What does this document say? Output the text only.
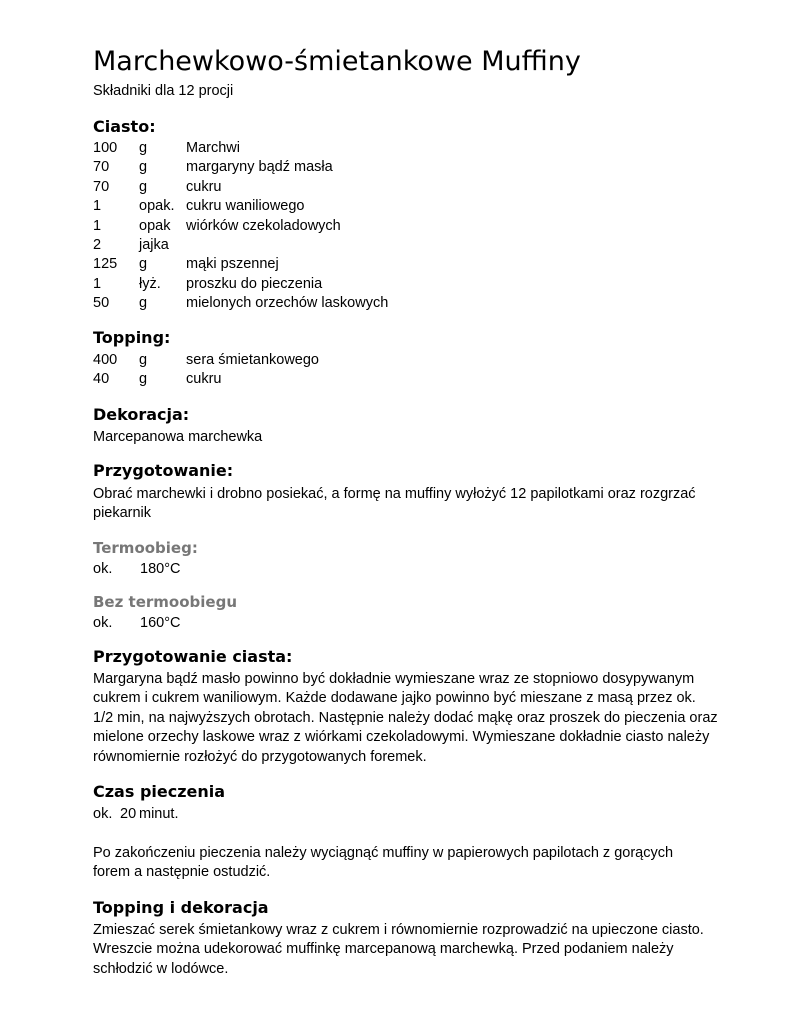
Marchewkowo-śmietankowe Muffiny
Składniki dla 12 procji
Ciasto:
100 g	Marchwi
70 g	margaryny bądź masła
70 g	cukru
1	opak. cukru waniliowego
1	opak wiórków czekoladowych
2	jajka
125 g	mąki pszennej
1	łyż. proszku do pieczenia
50 g	mielonych orzechów laskowych
Topping:
400 g	sera śmietankowego
40 g	cukru
Dekoracja:
Marcepanowa marchewka
Przygotowanie:
Obrać marchewki i drobno posiekać, a formę na muffiny wyłożyć 12 papilotkami oraz rozgrzać piekarnik
Termoobieg:
ok. 180°C
Bez termoobiegu
ok. 160°C
Przygotowanie ciasta:
Margaryna bądź masło powinno być dokładnie wymieszane wraz ze stopniowo dosypywanym cukrem i cukrem waniliowym. Każde dodawane jajko powinno być mieszane z masą przez ok. 1/2 min, na najwyższych obrotach. Następnie należy dodać mąkę oraz proszek do pieczenia oraz mielone orzechy laskowe wraz z wiórkami czekoladowymi. Wymieszane dokładnie ciasto należy równomiernie rozłożyć do przygotowanych foremek.
Czas pieczenia
ok. 20 minut.
Po zakończeniu pieczenia należy wyciągnąć muffiny w papierowych papilotach z gorących forem a następnie ostudzić.
Topping i dekoracja
Zmieszać serek śmietankowy wraz z cukrem i równomiernie rozprowadzić na upieczone ciasto. Wreszcie można udekorować muffinkę marcepanową marchewką. Przed podaniem należy schłodzić w lodówce.
